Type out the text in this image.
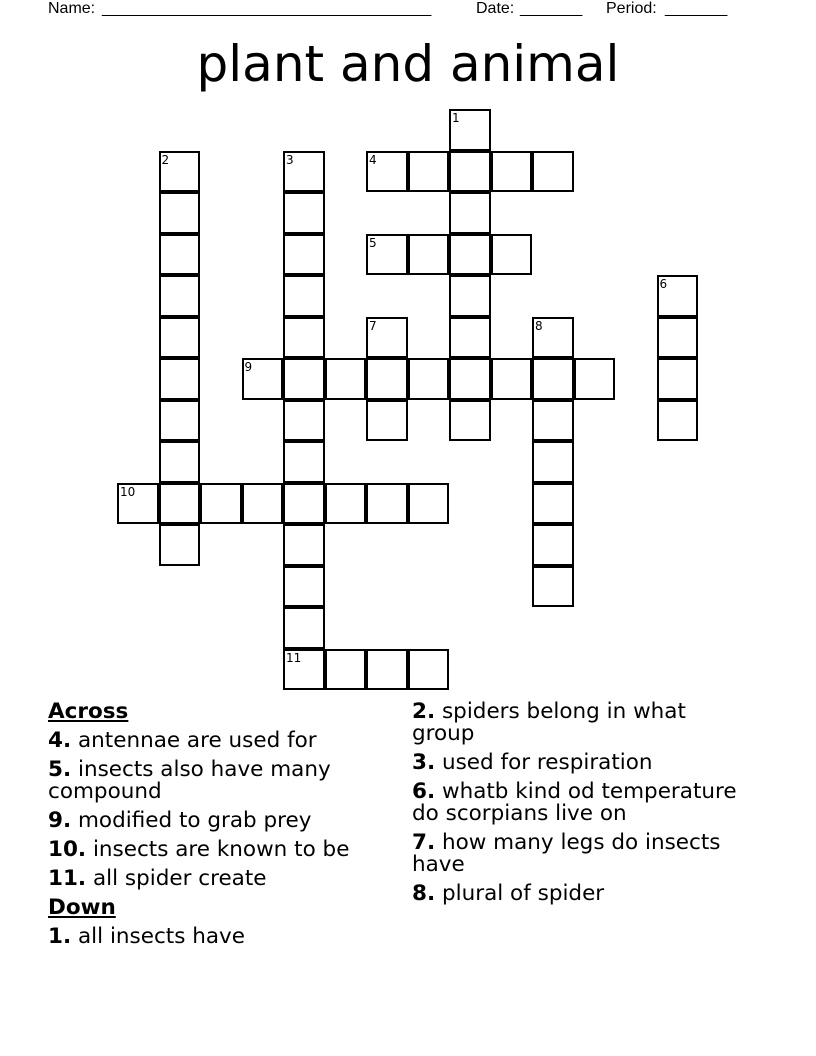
Name: _____________________________________	Date: _______ Period: _______
plant and animal
1
2	3	4
5
6
7	8
9
10
11
Across
4. antennae are used for
5. insects also have many compound
9. modified to grab prey
10. insects are known to be
11. all spider create
Down
1. all insects have
2. spiders belong in what group
3. used for respiration
6. whatb kind od temperature do scorpians live on
7. how many legs do insects have
8. plural of spider
